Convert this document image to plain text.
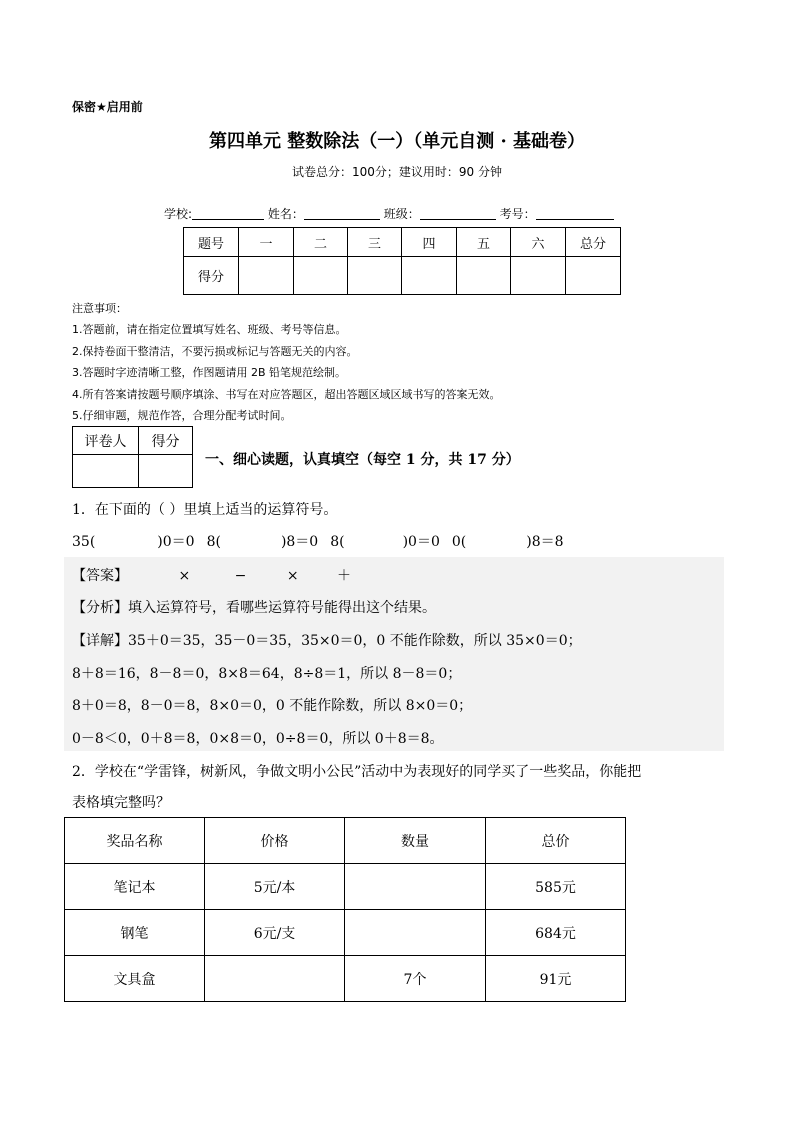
保密★启用前
第四单元 整数除法（一）（单元自测 · 基础卷）
试卷总分：100分；建议用时：90 分钟
学校:	姓名：	班级：	考号：
题号	一	二	三	四	五	六	总分
得分							
注意事项：
1.答题前，请在指定位置填写姓名、班级、考号等信息。
2.保持卷面干整清洁，不要污损或标记与答题无关的内容。
3.答题时字迹清晰工整，作图题请用 2B 铅笔规范绘制。
4.所有答案请按题号顺序填涂、书写在对应答题区，超出答题区域区域书写的答案无效。
5.仔细审题，规范作答，合理分配考试时间。
评卷人	得分

一、细心读题，认真填空（每空 1 分，共 17 分）
1．在下面的（ ）里填上适当的运算符号。
35(	)0＝0 8(	)8＝0 8(	)0＝0 0(	)8＝8
【答案】	×	−	×	＋
【分析】填入运算符号，看哪些运算符号能得出这个结果。
【详解】35＋0＝35，35－0＝35，35×0＝0，0 不能作除数，所以 35×0＝0；
8＋8＝16，8－8＝0，8×8＝64，8÷8＝1，所以 8－8＝0；
8＋0＝8，8－0＝8，8×0＝0，0 不能作除数，所以 8×0＝0；
0－8＜0，0＋8＝8，0×8＝0，0÷8＝0，所以 0＋8＝8。
2．学校在“学雷锋，树新风，争做文明小公民”活动中为表现好的同学买了一些奖品，你能把
表格填完整吗？
奖品名称	价格	数量	总价
笔记本	5元/本		585元
钢笔	6元/支		684元
文具盒		7个	91元
